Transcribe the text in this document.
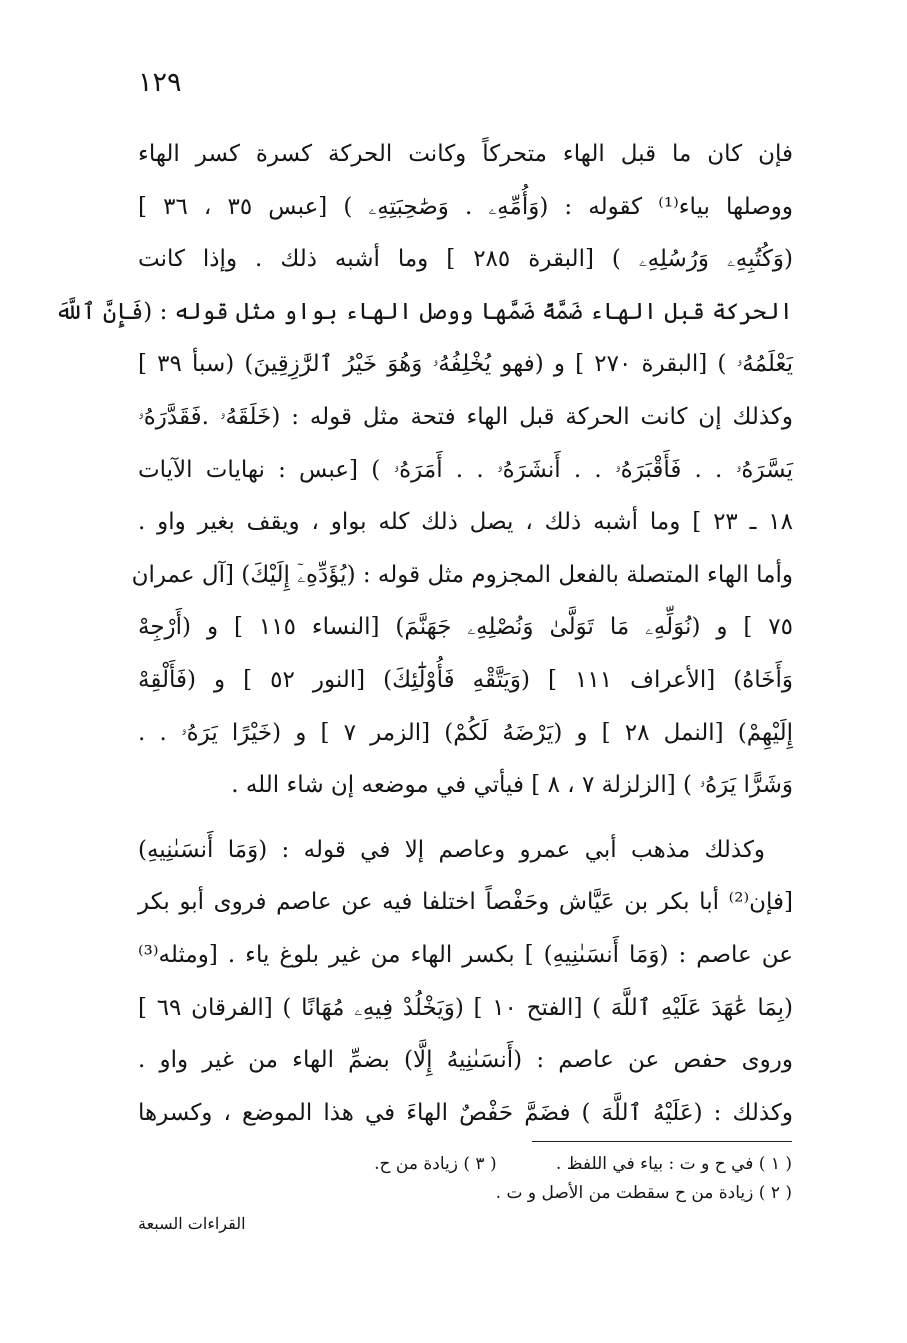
١٢٩
فإن كان ما قبل الهاء متحركاً وكانت الحركة كسرة كسر الهاء
ووصلها بياء⁽¹⁾ كقوله : (وَأُمِّهِۦ . وَصَٰحِبَتِهِۦ ) [عبس ٣٥ ، ٣٦ ]
(وَكُتُبِهِۦ وَرُسُلِهِۦ ) [البقرة ٢٨٥ ] وما أشبه ذلك . وإذا كانت
الحركة قبل الهاء ضَمَّةً ضَمَّها ووصل الهاء بواو مثل قوله : (فَإِنَّ ٱللَّهَ
يَعْلَمُهُۥ ) [البقرة ٢٧٠ ] و (فهو يُخْلِفُهُۥ وَهُوَ خَيْرُ ٱلرَّٰزِقِينَ) (سبأ ٣٩ ]
وكذلك إن كانت الحركة قبل الهاء فتحة مثل قوله : (خَلَقَهُۥ .فَقَدَّرَهُۥ
يَسَّرَهُۥ . . فَأَقْبَرَهُۥ . . أَنشَرَهُۥ . . أَمَرَهُۥ ) [عبس : نهايات الآيات
١٨ ـ ٢٣ ] وما أشبه ذلك ، يصل ذلك كله بواو ، ويقف بغير واو .
وأما الهاء المتصلة بالفعل المجزوم مثل قوله : (يُؤَدِّهِۦٓ إِلَيْكَ) [آل عمران
٧٥ ] و (نُوَلِّهِۦ مَا تَوَلَّىٰ وَنُصْلِهِۦ جَهَنَّمَ) [النساء ١١٥ ] و (أَرْجِهْ
وَأَخَاهُ) [الأعراف ١١١ ] (وَيَتَّقْهِ فَأُوْلَٰٓئِكَ) [النور ٥٢ ] و (فَأَلْقِهْ
إِلَيْهِمْ) [النمل ٢٨ ] و (يَرْضَهُ لَكُمْ) [الزمر ٧ ] و (خَيْرًا يَرَهُۥ . .
وَشَرًّا يَرَهُۥ ) [الزلزلة ٧ ، ٨ ] فيأتي في موضعه إن شاء الله .
وكذلك مذهب أبي عمرو وعاصم إلا في قوله : (وَمَا أَنسَىٰنِيهِ)
[فإن⁽²⁾ أبا بكر بن عَيَّاش وحَفْصاً اختلفا فيه عن عاصم فروى أبو بكر
عن عاصم : (وَمَا أَنسَىٰنِيهِ) ] بكسر الهاء من غير بلوغ ياء . [ومثله⁽³⁾
(بِمَا عَٰهَدَ عَلَيْهِ ٱللَّهَ ) [الفتح ١٠ ] (وَيَخْلُدْ فِيهِۦ مُهَانًا ) [الفرقان ٦٩ ]
وروى حفص عن عاصم : (أَنسَىٰنِيهُ إِلَّا) بضمِّ الهاء من غير واو .
وكذلك : (عَلَيْهُ ٱللَّهَ ) فضَمَّ حَفْصٌ الهاءَ في هذا الموضع ، وكسرها
( ١ ) في ح و ت : بياء في اللفظ . ( ٣ ) زيادة من ح.
( ٢ ) زيادة من ح سقطت من الأصل و ت .
القراءات السبعة
